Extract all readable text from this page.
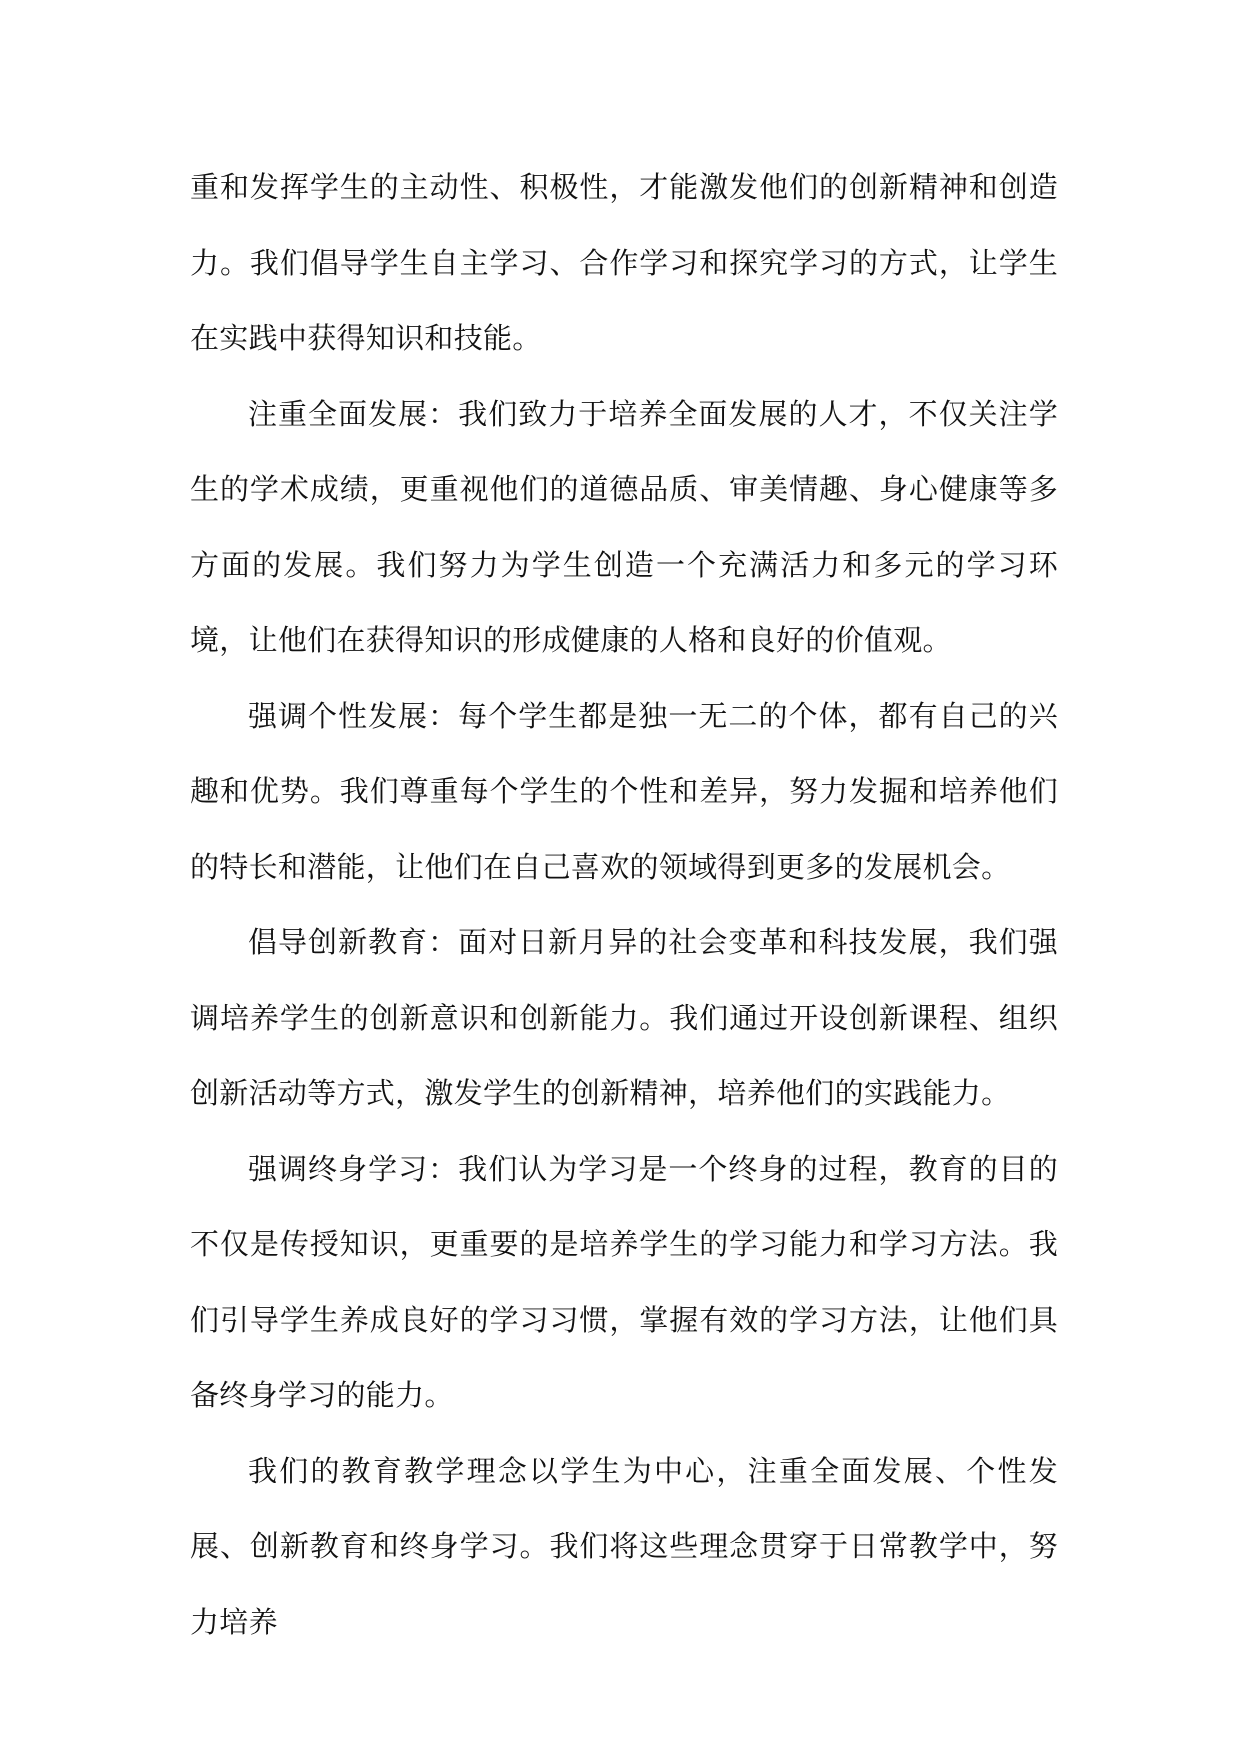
重和发挥学生的主动性、积极性，才能激发他们的创新精神和创造力。我们倡导学生自主学习、合作学习和探究学习的方式，让学生在实践中获得知识和技能。

注重全面发展：我们致力于培养全面发展的人才，不仅关注学生的学术成绩，更重视他们的道德品质、审美情趣、身心健康等多方面的发展。我们努力为学生创造一个充满活力和多元的学习环境，让他们在获得知识的形成健康的人格和良好的价值观。

强调个性发展：每个学生都是独一无二的个体，都有自己的兴趣和优势。我们尊重每个学生的个性和差异，努力发掘和培养他们的特长和潜能，让他们在自己喜欢的领域得到更多的发展机会。

倡导创新教育：面对日新月异的社会变革和科技发展，我们强调培养学生的创新意识和创新能力。我们通过开设创新课程、组织创新活动等方式，激发学生的创新精神，培养他们的实践能力。

强调终身学习：我们认为学习是一个终身的过程，教育的目的不仅是传授知识，更重要的是培养学生的学习能力和学习方法。我们引导学生养成良好的学习习惯，掌握有效的学习方法，让他们具备终身学习的能力。

我们的教育教学理念以学生为中心，注重全面发展、个性发展、创新教育和终身学习。我们将这些理念贯穿于日常教学中，努力培养
